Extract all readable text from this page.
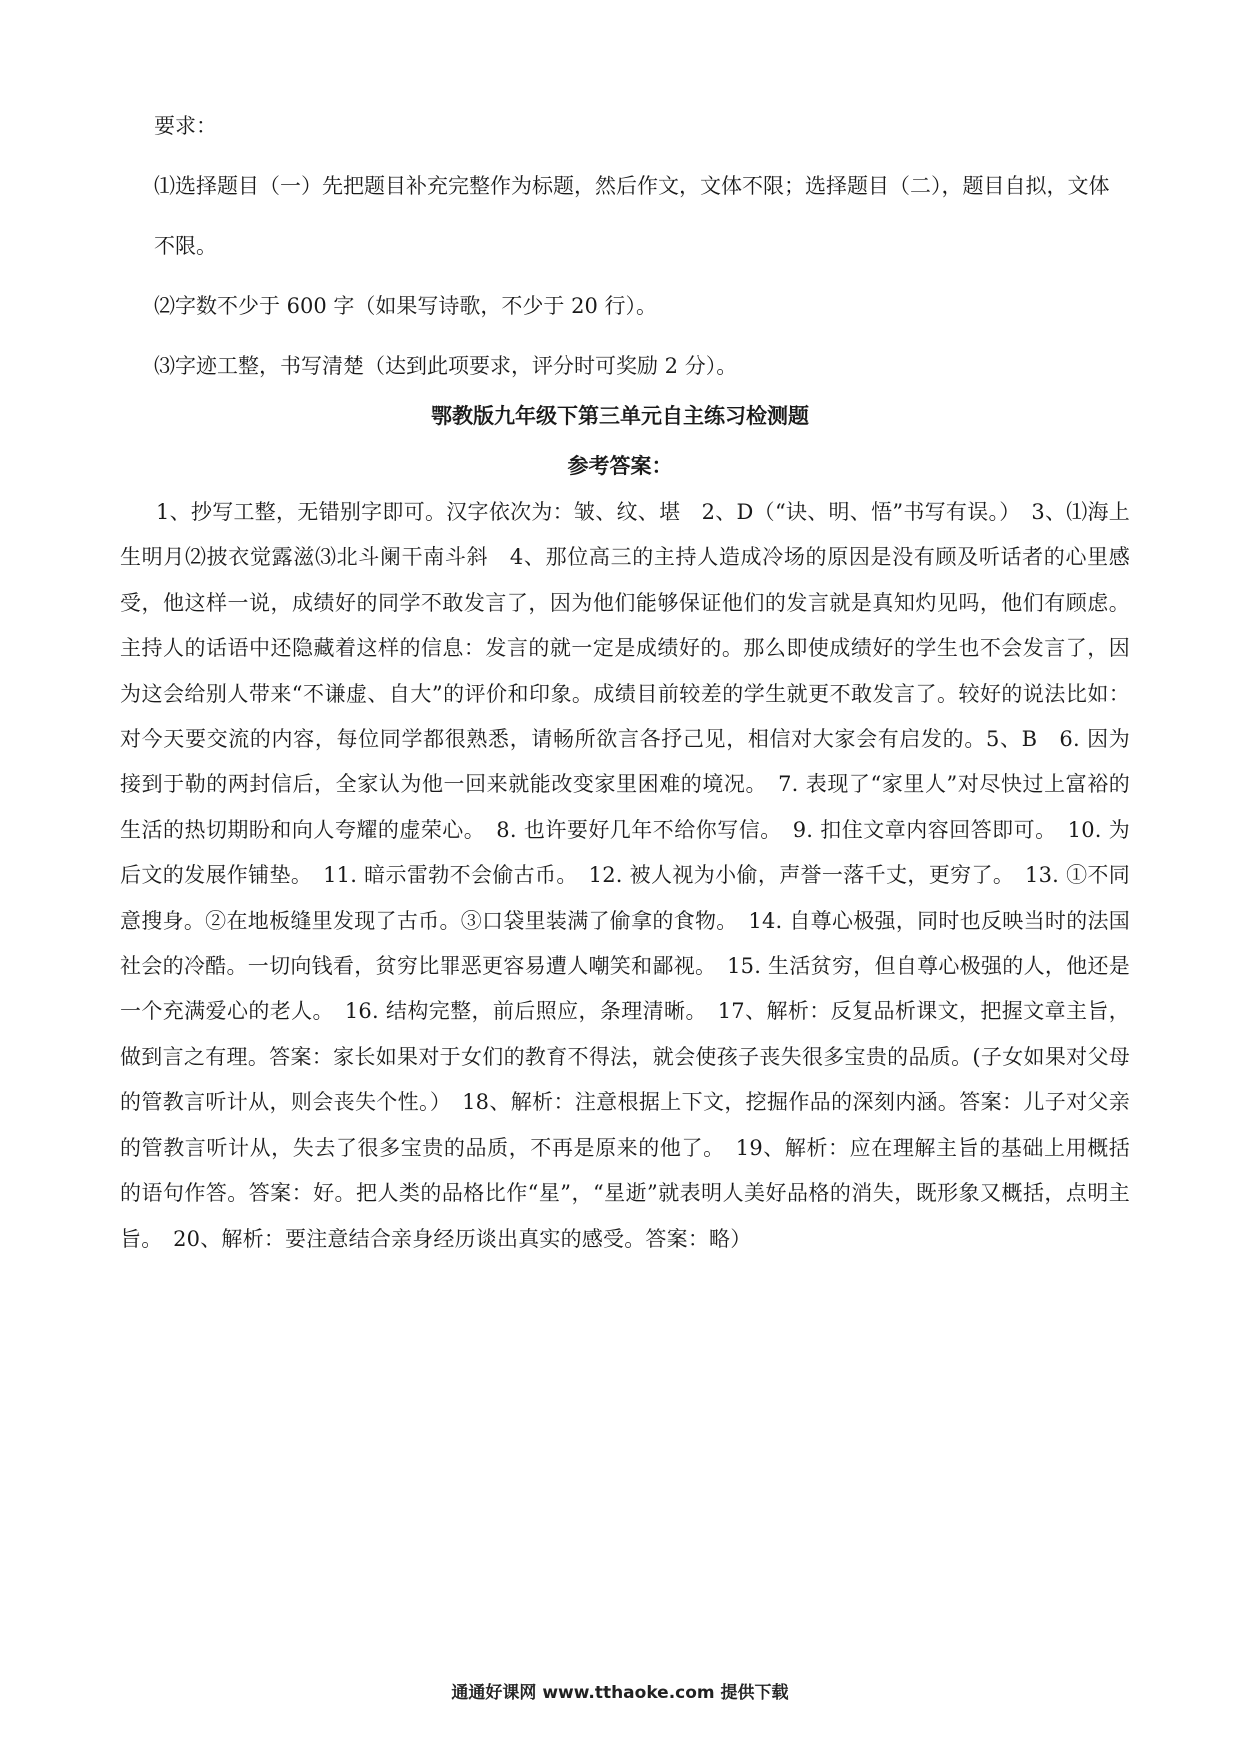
要求：
⑴选择题目（一）先把题目补充完整作为标题，然后作文，文体不限；选择题目（二），题目自拟，文体不限。
⑵字数不少于 600 字（如果写诗歌，不少于 20 行）。
⑶字迹工整，书写清楚（达到此项要求，评分时可奖励 2 分）。
鄂教版九年级下第三单元自主练习检测题
参考答案：
1、抄写工整，无错别字即可。汉字依次为：皱、纹、堪　2、D（“诀、明、悟”书写有误。）　3、⑴海上生明月⑵披衣觉露滋⑶北斗阑干南斗斜　4、那位高三的主持人造成冷场的原因是没有顾及听话者的心里感受，他这样一说，成绩好的同学不敢发言了，因为他们能够保证他们的发言就是真知灼见吗，他们有顾虑。主持人的话语中还隐藏着这样的信息：发言的就一定是成绩好的。那么即使成绩好的学生也不会发言了，因为这会给别人带来“不谦虚、自大”的评价和印象。成绩目前较差的学生就更不敢发言了。较好的说法比如：对今天要交流的内容，每位同学都很熟悉，请畅所欲言各抒己见，相信对大家会有启发的。5、B　6. 因为接到于勒的两封信后，全家认为他一回来就能改变家里困难的境况。　7. 表现了“家里人”对尽快过上富裕的生活的热切期盼和向人夸耀的虚荣心。　8. 也许要好几年不给你写信。　9. 扣住文章内容回答即可。　10. 为后文的发展作铺垫。　11. 暗示雷勃不会偷古币。　12. 被人视为小偷，声誉一落千丈，更穷了。　13. ①不同意搜身。②在地板缝里发现了古币。③口袋里装满了偷拿的食物。　14. 自尊心极强，同时也反映当时的法国社会的冷酷。一切向钱看，贫穷比罪恶更容易遭人嘲笑和鄙视。　15. 生活贫穷，但自尊心极强的人，他还是一个充满爱心的老人。　16. 结构完整，前后照应，条理清晰。　17、解析：反复品析课文，把握文章主旨，做到言之有理。答案：家长如果对于女们的教育不得法，就会使孩子丧失很多宝贵的品质。(子女如果对父母的管教言听计从，则会丧失个性。）　18、解析：注意根据上下文，挖掘作品的深刻内涵。答案：儿子对父亲的管教言听计从，失去了很多宝贵的品质，不再是原来的他了。　19、解析：应在理解主旨的基础上用概括的语句作答。答案：好。把人类的品格比作“星”，“星逝”就表明人美好品格的消失，既形象又概括，点明主旨。　20、解析：要注意结合亲身经历谈出真实的感受。答案：略）
通通好课网 www.tthaoke.com 提供下载
